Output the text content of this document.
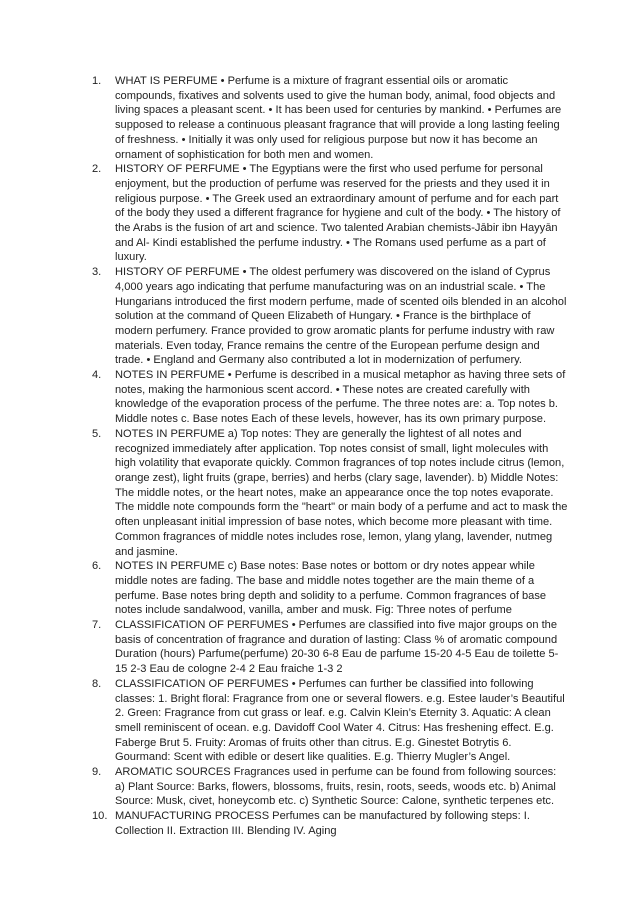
1. WHAT IS PERFUME • Perfume is a mixture of fragrant essential oils or aromatic compounds, fixatives and solvents used to give the human body, animal, food objects and living spaces a pleasant scent. • It has been used for centuries by mankind. • Perfumes are supposed to release a continuous pleasant fragrance that will provide a long lasting feeling of freshness. • Initially it was only used for religious purpose but now it has become an ornament of sophistication for both men and women.
2. HISTORY OF PERFUME • The Egyptians were the first who used perfume for personal enjoyment, but the production of perfume was reserved for the priests and they used it in religious purpose. • The Greek used an extraordinary amount of perfume and for each part of the body they used a different fragrance for hygiene and cult of the body. • The history of the Arabs is the fusion of art and science. Two talented Arabian chemists-Jābir ibn Hayyān and Al- Kindi established the perfume industry. • The Romans used perfume as a part of luxury.
3. HISTORY OF PERFUME • The oldest perfumery was discovered on the island of Cyprus 4,000 years ago indicating that perfume manufacturing was on an industrial scale. • The Hungarians introduced the first modern perfume, made of scented oils blended in an alcohol solution at the command of Queen Elizabeth of Hungary. • France is the birthplace of modern perfumery. France provided to grow aromatic plants for perfume industry with raw materials. Even today, France remains the centre of the European perfume design and trade. • England and Germany also contributed a lot in modernization of perfumery.
4. NOTES IN PERFUME • Perfume is described in a musical metaphor as having three sets of notes, making the harmonious scent accord. • These notes are created carefully with knowledge of the evaporation process of the perfume. The three notes are: a. Top notes b. Middle notes c. Base notes Each of these levels, however, has its own primary purpose.
5. NOTES IN PERFUME a) Top notes: They are generally the lightest of all notes and recognized immediately after application. Top notes consist of small, light molecules with high volatility that evaporate quickly. Common fragrances of top notes include citrus (lemon, orange zest), light fruits (grape, berries) and herbs (clary sage, lavender). b) Middle Notes: The middle notes, or the heart notes, make an appearance once the top notes evaporate. The middle note compounds form the "heart" or main body of a perfume and act to mask the often unpleasant initial impression of base notes, which become more pleasant with time. Common fragrances of middle notes includes rose, lemon, ylang ylang, lavender, nutmeg and jasmine.
6. NOTES IN PERFUME c) Base notes: Base notes or bottom or dry notes appear while middle notes are fading. The base and middle notes together are the main theme of a perfume. Base notes bring depth and solidity to a perfume. Common fragrances of base notes include sandalwood, vanilla, amber and musk. Fig: Three notes of perfume
7. CLASSIFICATION OF PERFUMES • Perfumes are classified into five major groups on the basis of concentration of fragrance and duration of lasting: Class % of aromatic compound Duration (hours) Parfume(perfume) 20-30 6-8 Eau de parfume 15-20 4-5 Eau de toilette 5-15 2-3 Eau de cologne 2-4 2 Eau fraiche 1-3 2
8. CLASSIFICATION OF PERFUMES • Perfumes can further be classified into following classes: 1. Bright floral: Fragrance from one or several flowers. e.g. Estee lauder’s Beautiful 2. Green: Fragrance from cut grass or leaf. e.g. Calvin Klein’s Eternity 3. Aquatic: A clean smell reminiscent of ocean. e.g. Davidoff Cool Water 4. Citrus: Has freshening effect. E.g. Faberge Brut 5. Fruity: Aromas of fruits other than citrus. E.g. Ginestet Botrytis 6. Gourmand: Scent with edible or desert like qualities. E.g. Thierry Mugler’s Angel.
9. AROMATIC SOURCES Fragrances used in perfume can be found from following sources: a) Plant Source: Barks, flowers, blossoms, fruits, resin, roots, seeds, woods etc. b) Animal Source: Musk, civet, honeycomb etc. c) Synthetic Source: Calone, synthetic terpenes etc.
10. MANUFACTURING PROCESS Perfumes can be manufactured by following steps: I. Collection II. Extraction III. Blending IV. Aging
